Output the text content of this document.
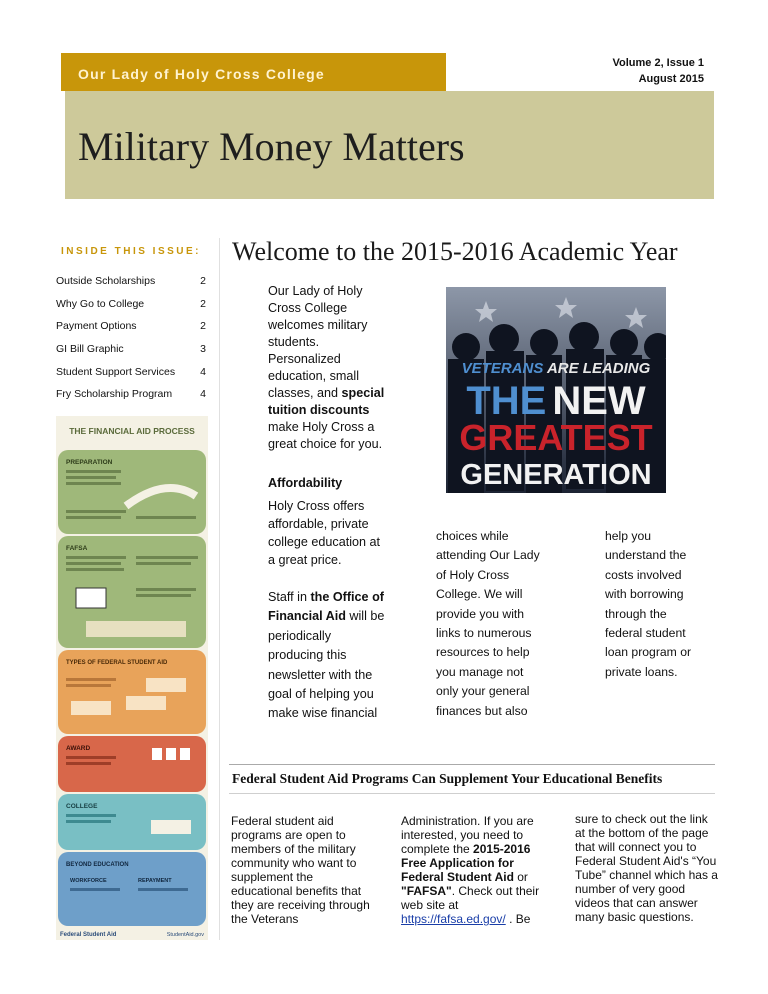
Our Lady of Holy Cross College
Volume 2, Issue 1
August 2015
Military Money Matters
INSIDE THIS ISSUE:
Outside Scholarships	2
Why Go to College	2
Payment Options	2
GI Bill Graphic	3
Student Support Services 4
Fry Scholarship Program	4
THE FINANCIAL AID PROCESS
PREPARATION
FAFSA
TYPES OF FEDERAL STUDENT AID
AWARD
COLLEGE
BEYOND EDUCATION
WORKFORCE	REPAYMENT
Federal Student Aid	StudentAid.gov
Welcome to the 2015-2016 Academic Year

Our Lady of Holy Cross College welcomes military students. Personalized education, small classes, and special tuition discounts make Holy Cross a great choice for you.

Affordability

Holy Cross offers affordable, private college education at a great price.

Staff in the Office of Financial Aid will be periodically producing this newsletter with the goal of helping you make wise financial

choices while attending Our Lady of Holy Cross College. We will provide you with links to numerous resources to help you manage not only your general finances but also
help you understand the costs involved with borrowing through the federal student loan program or private loans.
VETERANS ARE LEADING
THE NEW
GREATEST
GENERATION
Federal Student Aid Programs Can Supplement Your Educational Benefits
Federal student aid programs are open to members of the military community who want to supplement the educational benefits that they are receiving through the Veterans
Administration. If you are interested, you need to complete the 2015-2016 Free Application for Federal Student Aid or "FAFSA". Check out their web site at https://fafsa.ed.gov/ . Be
sure to check out the link at the bottom of the page that will connect you to Federal Student Aid's “You Tube” channel which has a number of very good videos that can answer many basic questions.
